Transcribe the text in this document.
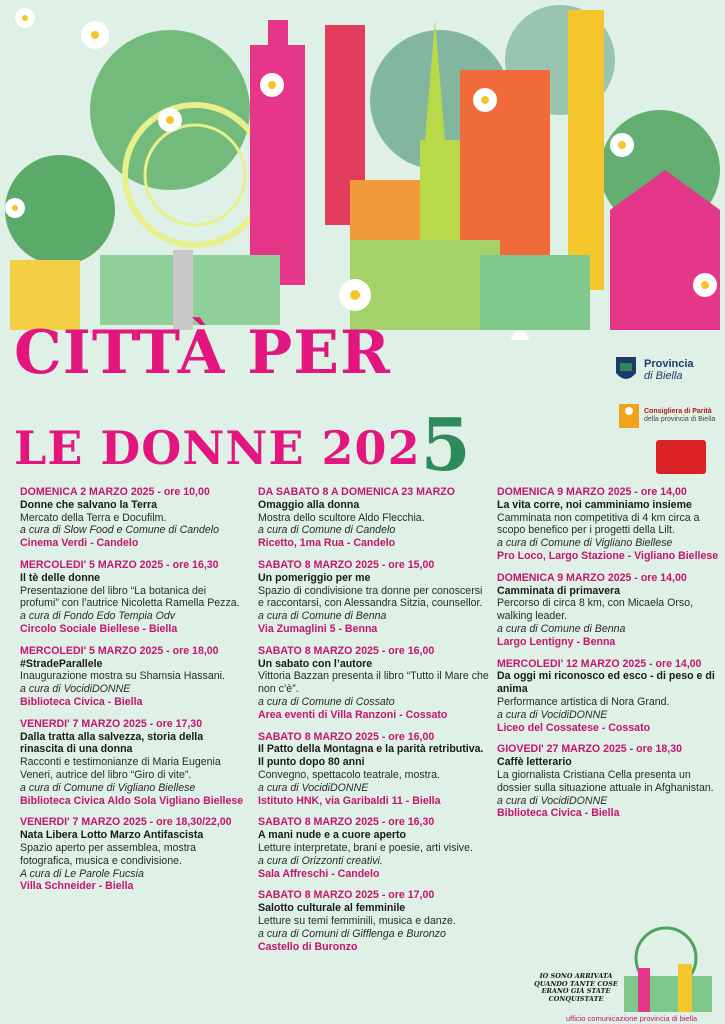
CITTÀ PER
LE DONNE 2025
Provincia
di Biella
Consigliera di Parità
della provincia di Biella
DOMENICA 2 MARZO 2025 - ore 10,00
Donne che salvano la Terra
Mercato della Terra e Docufilm.
a cura di Slow Food e Comune di Candelo
Cinema Verdi - Candelo
MERCOLEDI' 5 MARZO 2025 - ore 16,30
Il tè delle donne
Presentazione del libro “La botanica dei profumi” con l’autrice Nicoletta Ramella Pezza.
a cura di Fondo Edo Tempia Odv
Circolo Sociale Biellese - Biella
MERCOLEDI' 5 MARZO 2025 - ore 18,00
#StradeParallele
Inaugurazione mostra su Shamsia Hassani.
a cura di VocidiDONNE
Biblioteca Civica - Biella
VENERDI' 7 MARZO 2025 - ore 17,30
Dalla tratta alla salvezza, storia della rinascita di una donna
Racconti e testimonianze di Maria Eugenia Veneri, autrice del libro “Giro di vite”.
a cura di Comune di Vigliano Biellese
Biblioteca Civica Aldo Sola Vigliano Biellese
VENERDI' 7 MARZO 2025 - ore 18,30/22,00
Nata Libera Lotto Marzo Antifascista
Spazio aperto per assemblea, mostra fotografica, musica e condivisione.
A cura di Le Parole Fucsia
Villa Schneider - Biella
DA SABATO 8 A DOMENICA 23 MARZO
Omaggio alla donna
Mostra dello scultore Aldo Flecchia.
a cura di Comune di Candelo
Ricetto, 1ma Rua - Candelo
SABATO 8 MARZO 2025 - ore 15,00
Un pomeriggio per me
Spazio di condivisione tra donne per conoscersi e raccontarsi, con Alessandra Sitzia, counsellor.
a cura di Comune di Benna
Via Zumaglini 5 - Benna
SABATO 8 MARZO 2025 - ore 16,00
Un sabato con l’autore
Vittoria Bazzan presenta il libro “Tutto il Mare che non c’è”.
a cura di Comune di Cossato
Area eventi di Villa Ranzoni - Cossato
SABATO 8 MARZO 2025 - ore 16,00
Il Patto della Montagna e la parità retributiva. Il punto dopo 80 anni
Convegno, spettacolo teatrale, mostra.
a cura di VocidiDONNE
Istituto HNK, via Garibaldi 11 - Biella
SABATO 8 MARZO 2025 - ore 16,30
A mani nude e a cuore aperto
Letture interpretate, brani e poesie, arti visive.
a cura di Orizzonti creativi.
Sala Affreschi - Candelo
SABATO 8 MARZO 2025 - ore 17,00
Salotto culturale al femminile
Letture su temi femminili, musica e danze.
a cura di Comuni di Gifflenga e Buronzo
Castello di Buronzo
DOMENICA 9 MARZO 2025 - ore 14,00
La vita corre, noi camminiamo insieme
Camminata non competitiva di 4 km circa a scopo benefico per i progetti della Lilt.
a cura di Comune di Vigliano Biellese
Pro Loco, Largo Stazione - Vigliano Biellese
DOMENICA 9 MARZO 2025 - ore 14,00
Camminata di primavera
Percorso di circa 8 km, con Micaela Orso, walking leader.
a cura di Comune di Benna
Largo Lentigny - Benna
MERCOLEDI' 12 MARZO 2025 - ore 14,00
Da oggi mi riconosco ed esco - di peso e di anima
Performance artistica di Nora Grand.
a cura di VocidiDONNE
Liceo del Cossatese - Cossato
GIOVEDI' 27 MARZO 2025 - ore 18,30
Caffè letterario
La giornalista Cristiana Cella presenta un dossier sulla situazione attuale in Afghanistan.
a cura di VocidiDONNE
Biblioteca Civica - Biella
IO SONO ARRIVATA QUANDO TANTE COSE ERANO GIÀ STATE CONQUISTATE
ufficio comunicazione provincia di biella
